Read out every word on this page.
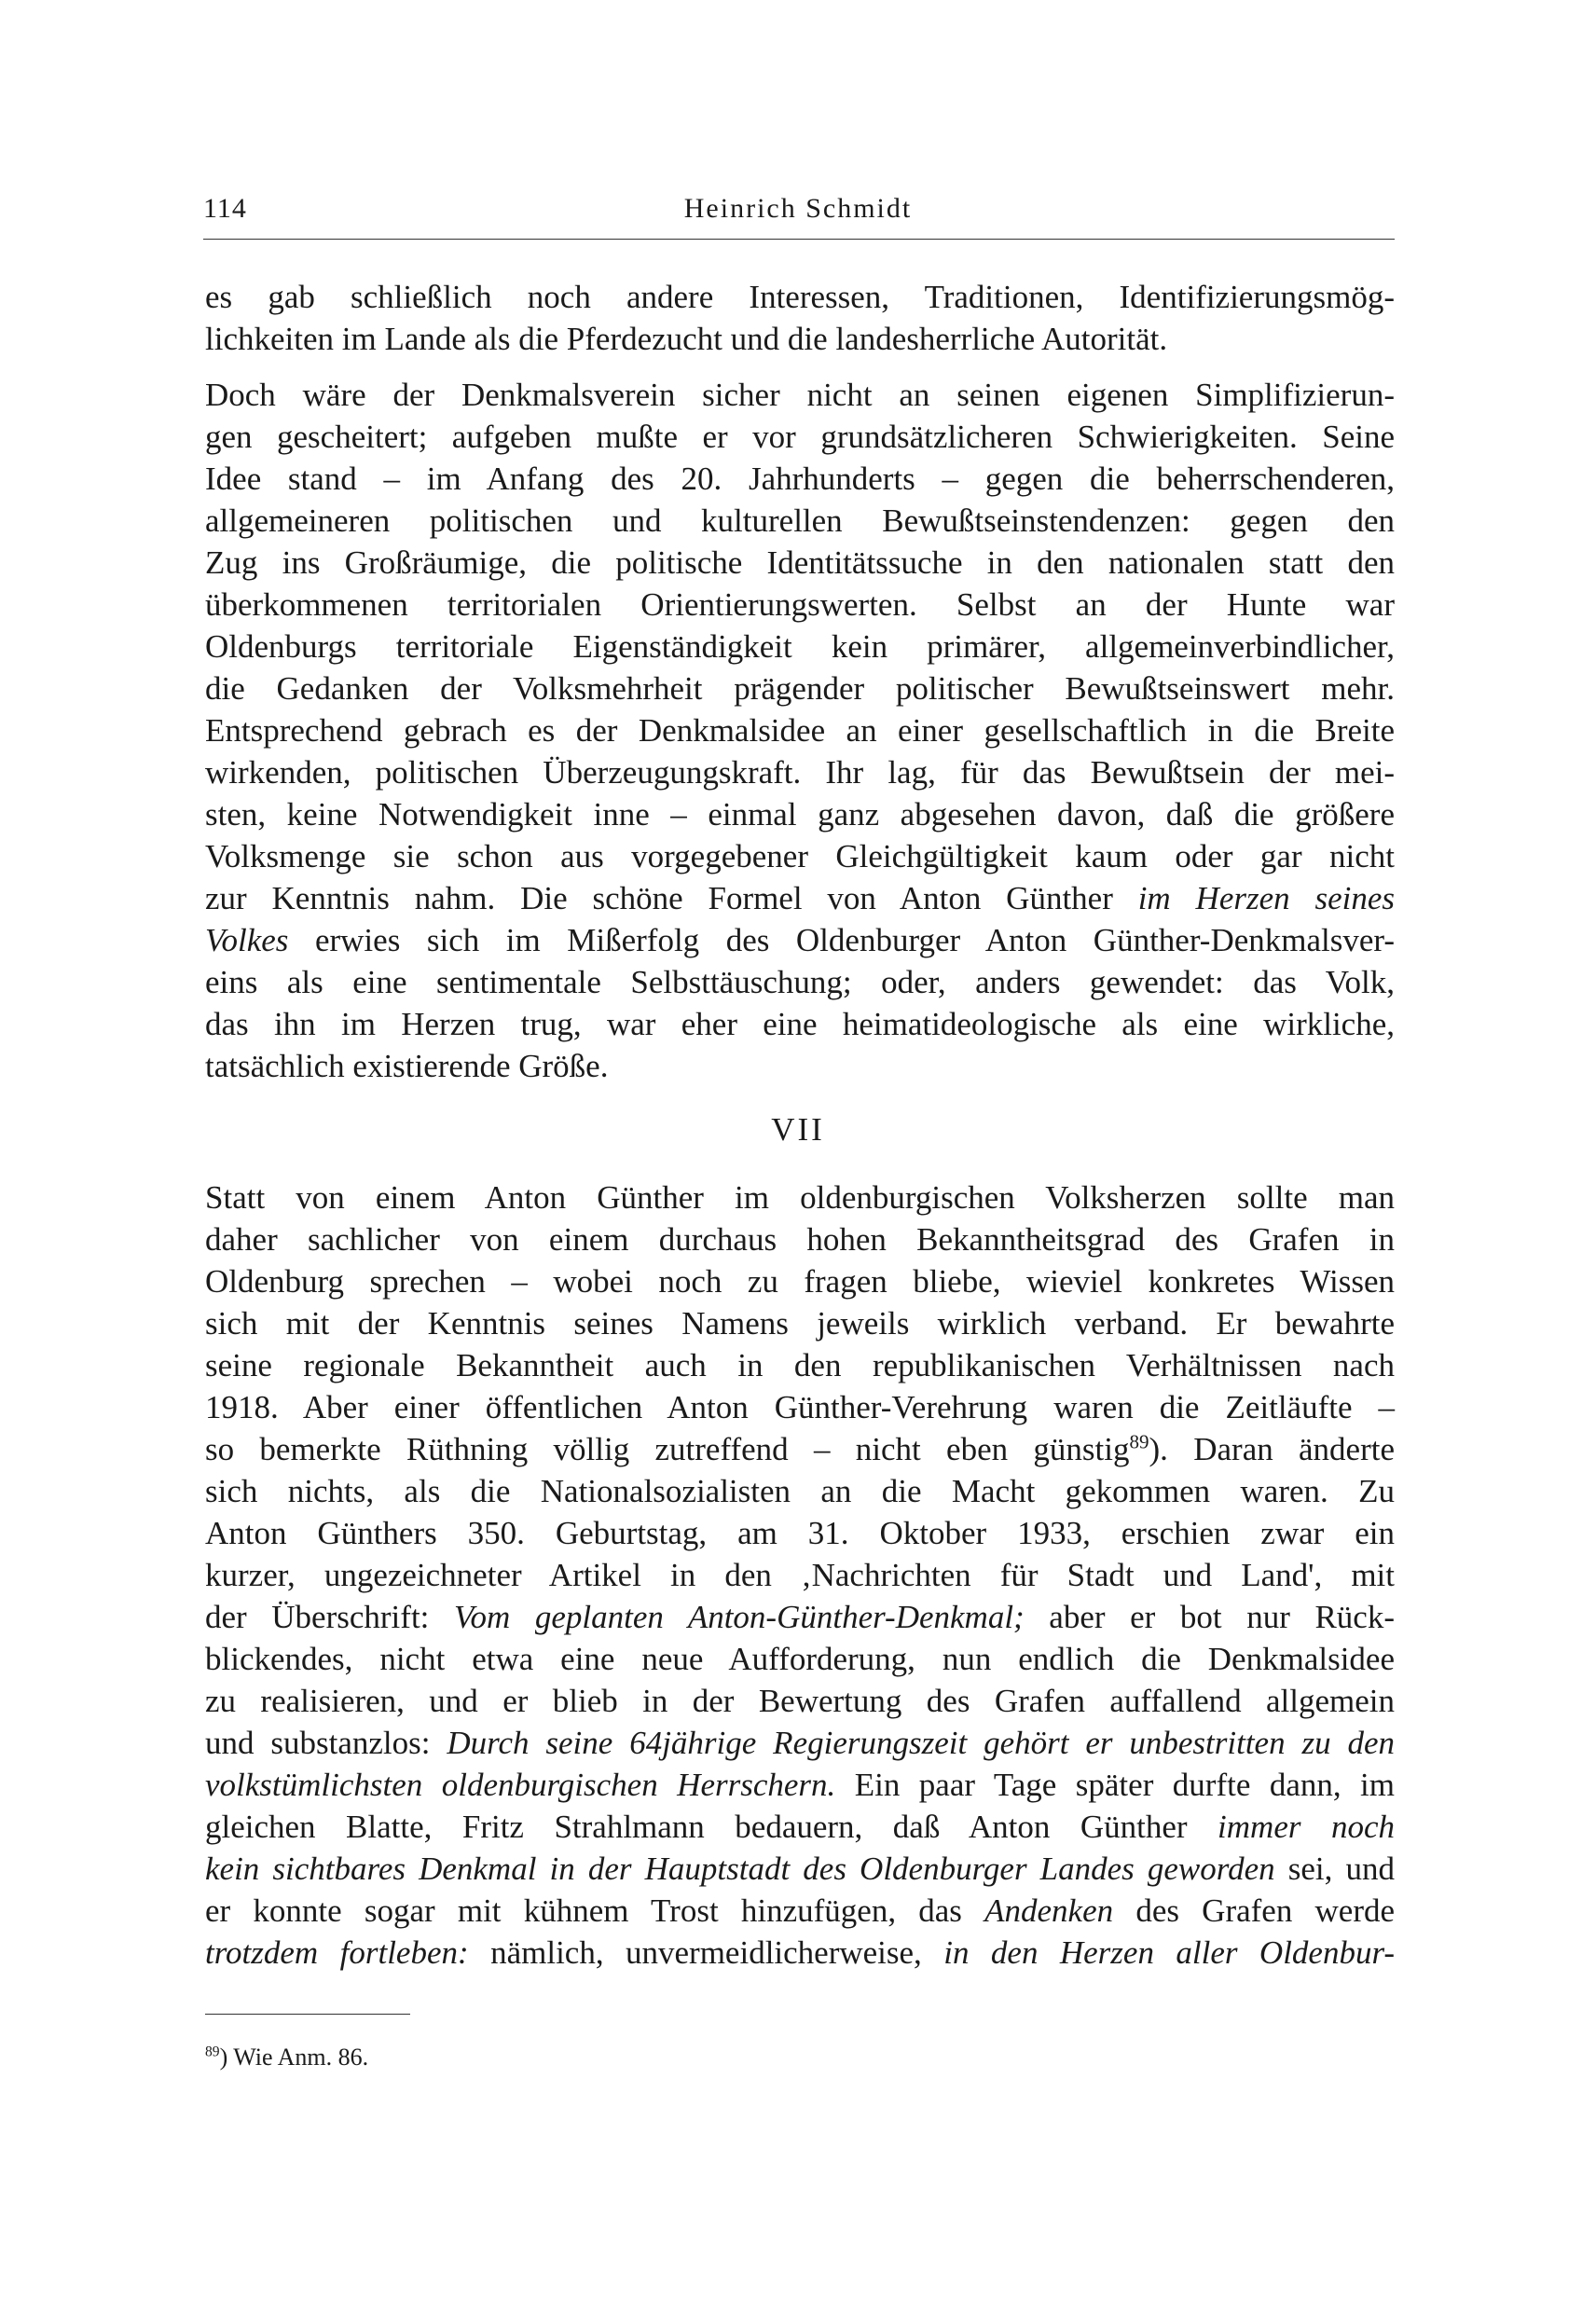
114	Heinrich Schmidt
es gab schließlich noch andere Interessen, Traditionen, Identifizierungsmög-
lichkeiten im Lande als die Pferdezucht und die landesherrliche Autorität.
Doch wäre der Denkmalsverein sicher nicht an seinen eigenen Simplifizierun-
gen gescheitert; aufgeben mußte er vor grundsätzlicheren Schwierigkeiten. Seine
Idee stand – im Anfang des 20. Jahrhunderts – gegen die beherrschenderen,
allgemeineren politischen und kulturellen Bewußtseinstendenzen: gegen den
Zug ins Großräumige, die politische Identitätssuche in den nationalen statt den
überkommenen territorialen Orientierungswerten. Selbst an der Hunte war
Oldenburgs territoriale Eigenständigkeit kein primärer, allgemeinverbindlicher,
die Gedanken der Volksmehrheit prägender politischer Bewußtseinswert mehr.
Entsprechend gebrach es der Denkmalsidee an einer gesellschaftlich in die Breite
wirkenden, politischen Überzeugungskraft. Ihr lag, für das Bewußtsein der mei-
sten, keine Notwendigkeit inne – einmal ganz abgesehen davon, daß die größere
Volksmenge sie schon aus vorgegebener Gleichgültigkeit kaum oder gar nicht
zur Kenntnis nahm. Die schöne Formel von Anton Günther im Herzen seines
Volkes erwies sich im Mißerfolg des Oldenburger Anton Günther-Denkmalsver-
eins als eine sentimentale Selbsttäuschung; oder, anders gewendet: das Volk,
das ihn im Herzen trug, war eher eine heimatideologische als eine wirkliche,
tatsächlich existierende Größe.
VII
Statt von einem Anton Günther im oldenburgischen Volksherzen sollte man
daher sachlicher von einem durchaus hohen Bekanntheitsgrad des Grafen in
Oldenburg sprechen – wobei noch zu fragen bliebe, wieviel konkretes Wissen
sich mit der Kenntnis seines Namens jeweils wirklich verband. Er bewahrte
seine regionale Bekanntheit auch in den republikanischen Verhältnissen nach
1918. Aber einer öffentlichen Anton Günther-Verehrung waren die Zeitläufte –
so bemerkte Rüthning völlig zutreffend – nicht eben günstig$^{89}$). Daran änderte
sich nichts, als die Nationalsozialisten an die Macht gekommen waren. Zu
Anton Günthers 350. Geburtstag, am 31. Oktober 1933, erschien zwar ein
kurzer, ungezeichneter Artikel in den ‚Nachrichten für Stadt und Land', mit
der Überschrift: Vom geplanten Anton-Günther-Denkmal; aber er bot nur Rück-
blickendes, nicht etwa eine neue Aufforderung, nun endlich die Denkmalsidee
zu realisieren, und er blieb in der Bewertung des Grafen auffallend allgemein
und substanzlos: Durch seine 64jährige Regierungszeit gehört er unbestritten zu den
volkstümlichsten oldenburgischen Herrschern. Ein paar Tage später durfte dann, im
gleichen Blatte, Fritz Strahlmann bedauern, daß Anton Günther immer noch
kein sichtbares Denkmal in der Hauptstadt des Oldenburger Landes geworden sei, und
er konnte sogar mit kühnem Trost hinzufügen, das Andenken des Grafen werde
trotzdem fortleben: nämlich, unvermeidlicherweise, in den Herzen aller Oldenbur-
$^{89}$) Wie Anm. 86.
